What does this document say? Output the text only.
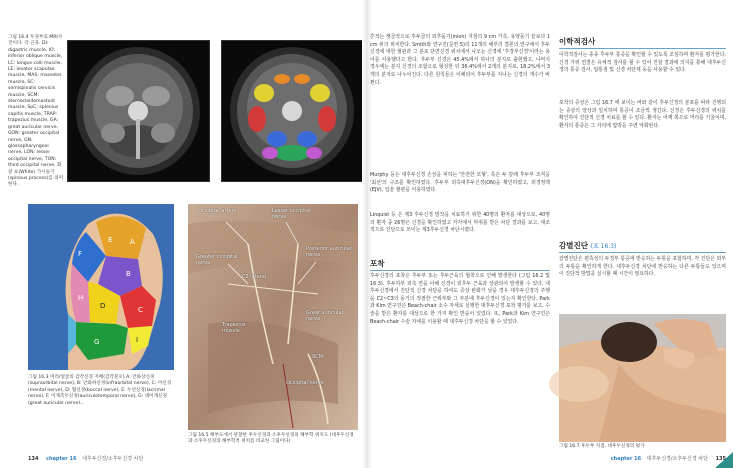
그림 16.4 두경부의 MRI사진이다. 각 근육. DI: digastric muscle, IO: inferior oblique muscle, LC: longus colli muscle, LE: levator scapulae muscle, MAS: masseter muscle, SC: semispinalis cervicis muscle, SCM: sternocleidomastoid muscle, SpC: splenius capitis muscle, TRAP: trapezius muscle, GA: great auricular nerve, GON: greater occipital nerve, GN: glossopharyngeal nerve, LON: lesser occipital nerve, TON: third occipital nerve, 화살 표(White) 가시돌기(spinous process)를 의미한다.
A
B
C
D
E
F
G
H
I
그림 16.3 머리/얼굴의 감각신경 지배(감각분포) A: 안와상신경(supraorbital nerve), B: 안와하신경(infraorbital nerve), C: 이신경(mental nerve), D: 협신경(buccal nerve), E: 누선신경(lacrimal nerve), F: 이개측두신경(auriculotemporal nerve), G: 대이개신경(great auricular nerve)...
Occipital artery	Lesser occipital nerve
Greater occipital nerve
Posterior auricular nerve
Trapezius muscle
Great auricular nerve
SCM
Occipital nerve
C2 lateral
그림 16.5 해부도에서 관찰한 후두신경과 소후두신경의 해부학 위치도 (대후두신경과 소후두신경의 해부학적 위치를 비교한 그림이다)
134 chapter 16 대후두신경/소후두신경 차단
흔적는 쟁골적으로 후두골의 외후돌기(inion) 지점의 9 cm 가측, 유양돌기 끝보다 1 cm 위의 위치한다. Smith와 연구진(문헌 5)의 11개의 해부의 결론의 연구에서 후두신경에 대한 혈관과 그 분포 단면신경 위치에서 나오는 신경에 '후경부신경'이라는 용어를 사용했다고 한다. 후두부 신경은 45.4%에서 하나의 분지로 출현했고, 나머지 경우에는 분지 신경의 조합으로 형성한 뒤 36.4%에서 2개의 분지로, 18.2%에서 3개의 분지로 나누어진다. 다른 원칙들은 이해되어 후두부를 지나는 신경의 개수가 바뀐다.
Murphy 등은 대후두신경 손상을 피하는 '안전한 모형', 혹은 두 갈래 후두부 조직을 '최선'의 구조를 확인하였다. 후두부 외측대후두신경(ON)을 확인하였고, 외경정맥(EJV), 입술 혈관을 이용하였다.
Linquist 등 은 제3 후두신경 발작을 치료하기 위한 40명의 환자를 대상으로, 40명의 환자 중 26명은 신경을 확인하였고 각각에서 마취를 받은 차단 결과를 보고, 대조적으로 진단으로 쓰이는 제3후두신경 차단시켰다.
포착
후두신경의 포착은 후두부 또는 후두근육의 협착으로 인해 발생한다 (그림 16.2 및 16.3). 후두하부 외측 면을 이해 신경이 외후두 근육과 상관되어 발생할 수 있다. 대후두신경에서 진단적 신경 차단을 하여도 증상 완화가 낮을 경우 대후두신경의 주행을 C2~C3의 돌기의 적절한 근위부와 그 부분에 후두신경이 있는지 확인한다. Park과 Kim 연구진은 Beach-chair 소수 자세로 실행한 대후두신경 포착 평가를 보고, 수술을 받은 환자를 대상으로 한 가지 확인 반응이 있었다. 또, Park과 Kim 연구진은 Beach-chair 수술 자세를 이용할 때 대후두신경 차단을 할 수 있었다.
이학적검사
이학적검사는 종종 후두부 통증을 확인할 수 있도록 조심하며 환자를 평가한다. 신경 가위 연결은 유체적 검사를 할 수 있어 진찰 결과에 의지를 통해 대후두신경의 통증 검사, 압통점 및 신경 차단제 등을 사용할 수 있다.
포착의 증상은 그림 16.7 에 보이는 바와 같이 후두신경의 분포를 따라 진행되는 증상의 양상과 일치하며 통증이 조금씩 생긴다. 신경은 후두신경의 위치를 확인하여 진단적 신경 치료를 할 수 있다. 환자는 어깨 쪽으로 머리를 기울이며, 환자의 통증은 그 자리에 압박을 주면 악화된다.
감별진단 (표 16.3)
감별진단은 편측성의 두경부 통증에 반응하는 두통을 포함하며, 각 진단은 외부의 두통을 확인하게 한다. 대후두신경 차단에 반응하는 다른 두통들도 있으며 이 진단적 방법을 실시할 때 시간이 필요하다.
그림 16.7 후두부 지점, 대후두신경의 평가
chapter 16 대후두신경/소후두신경 차단 135
